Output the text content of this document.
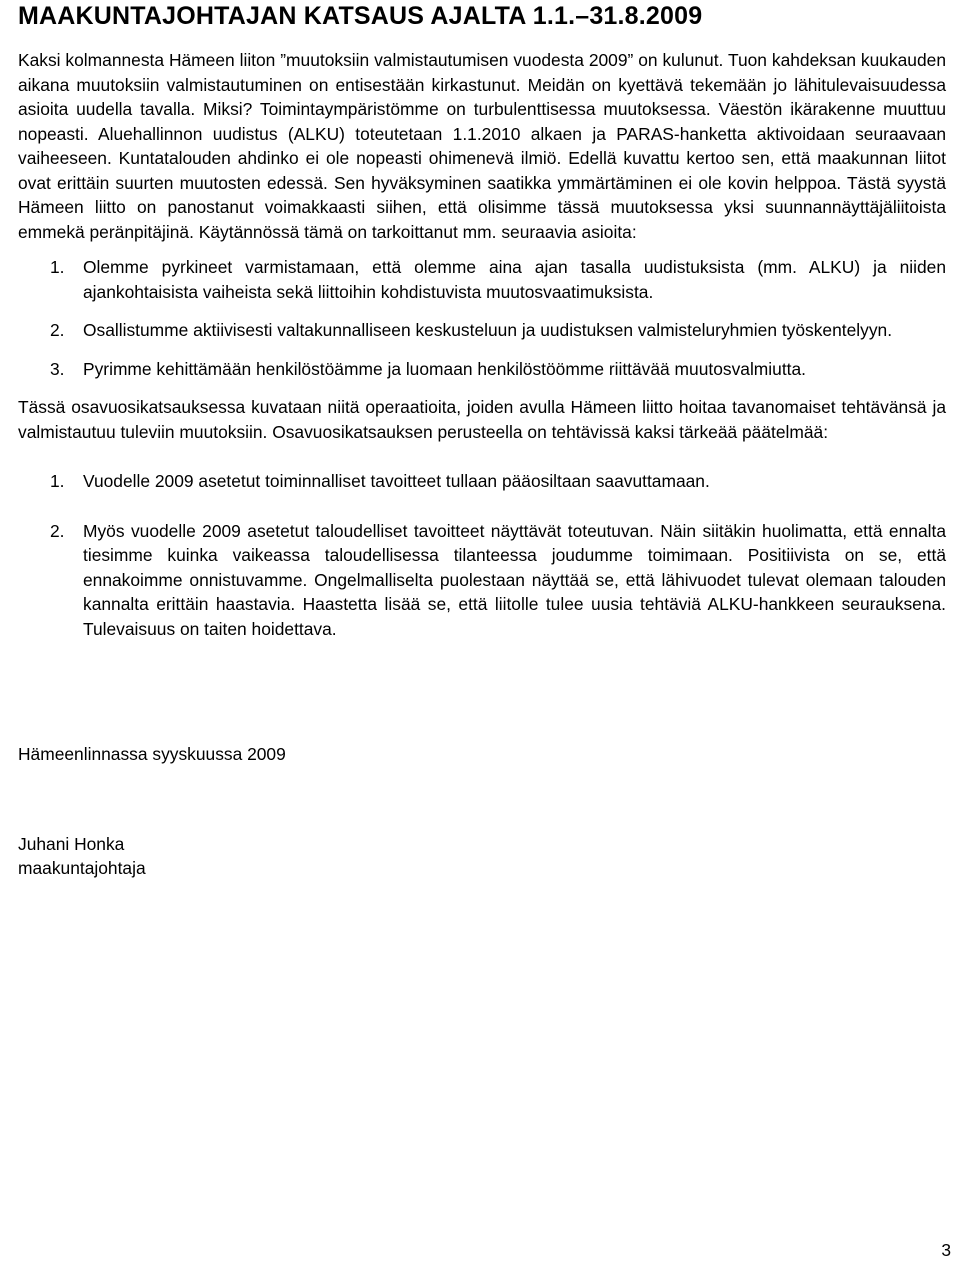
MAAKUNTAJOHTAJAN KATSAUS AJALTA 1.1.–31.8.2009

Kaksi kolmannesta Hämeen liiton ”muutoksiin valmistautumisen vuodesta 2009” on kulunut. Tuon kahdeksan kuukauden aikana muutoksiin valmistautuminen on entisestään kirkastunut. Meidän on kyettävä tekemään jo lähitulevaisuudessa asioita uudella tavalla. Miksi? Toimintaympäristömme on turbulenttisessa muutoksessa. Väestön ikärakenne muuttuu nopeasti. Aluehallinnon uudistus (ALKU) toteutetaan 1.1.2010 alkaen ja PARAS-hanketta aktivoidaan seuraavaan vaiheeseen. Kuntatalouden ahdinko ei ole nopeasti ohimenevä ilmiö. Edellä kuvattu kertoo sen, että maakunnan liitot ovat erittäin suurten muutosten edessä. Sen hyväksyminen saatikka ymmärtäminen ei ole kovin helppoa. Tästä syystä Hämeen liitto on panostanut voimakkaasti siihen, että olisimme tässä muutoksessa yksi suunnannäyttäjäliitoista emmekä peränpitäjinä. Käytännössä tämä on tarkoittanut mm. seuraavia asioita:

1. Olemme pyrkineet varmistamaan, että olemme aina ajan tasalla uudistuksista (mm. ALKU) ja niiden ajankohtaisista vaiheista sekä liittoihin kohdistuvista muutosvaatimuksista.
2. Osallistumme aktiivisesti valtakunnalliseen keskusteluun ja uudistuksen valmisteluryhmien työskentelyyn.
3. Pyrimme kehittämään henkilöstöämme ja luomaan henkilöstöömme riittävää muutosvalmiutta.

Tässä osavuosikatsauksessa kuvataan niitä operaatioita, joiden avulla Hämeen liitto hoitaa tavanomaiset tehtävänsä ja valmistautuu tuleviin muutoksiin. Osavuosikatsauksen perusteella on tehtävissä kaksi tärkeää päätelmää:

1. Vuodelle 2009 asetetut toiminnalliset tavoitteet tullaan pääosiltaan saavuttamaan.
2. Myös vuodelle 2009 asetetut taloudelliset tavoitteet näyttävät toteutuvan. Näin siitäkin huolimatta, että ennalta tiesimme kuinka vaikeassa taloudellisessa tilanteessa joudumme toimimaan. Positiivista on se, että ennakoimme onnistuvamme. Ongelmalliselta puolestaan näyttää se, että lähivuodet tulevat olemaan talouden kannalta erittäin haastavia. Haastetta lisää se, että liitolle tulee uusia tehtäviä ALKU-hankkeen seurauksena. Tulevaisuus on taiten hoidettava.

Hämeenlinnassa syyskuussa 2009

Juhani Honka

maakuntajohtaja

3
